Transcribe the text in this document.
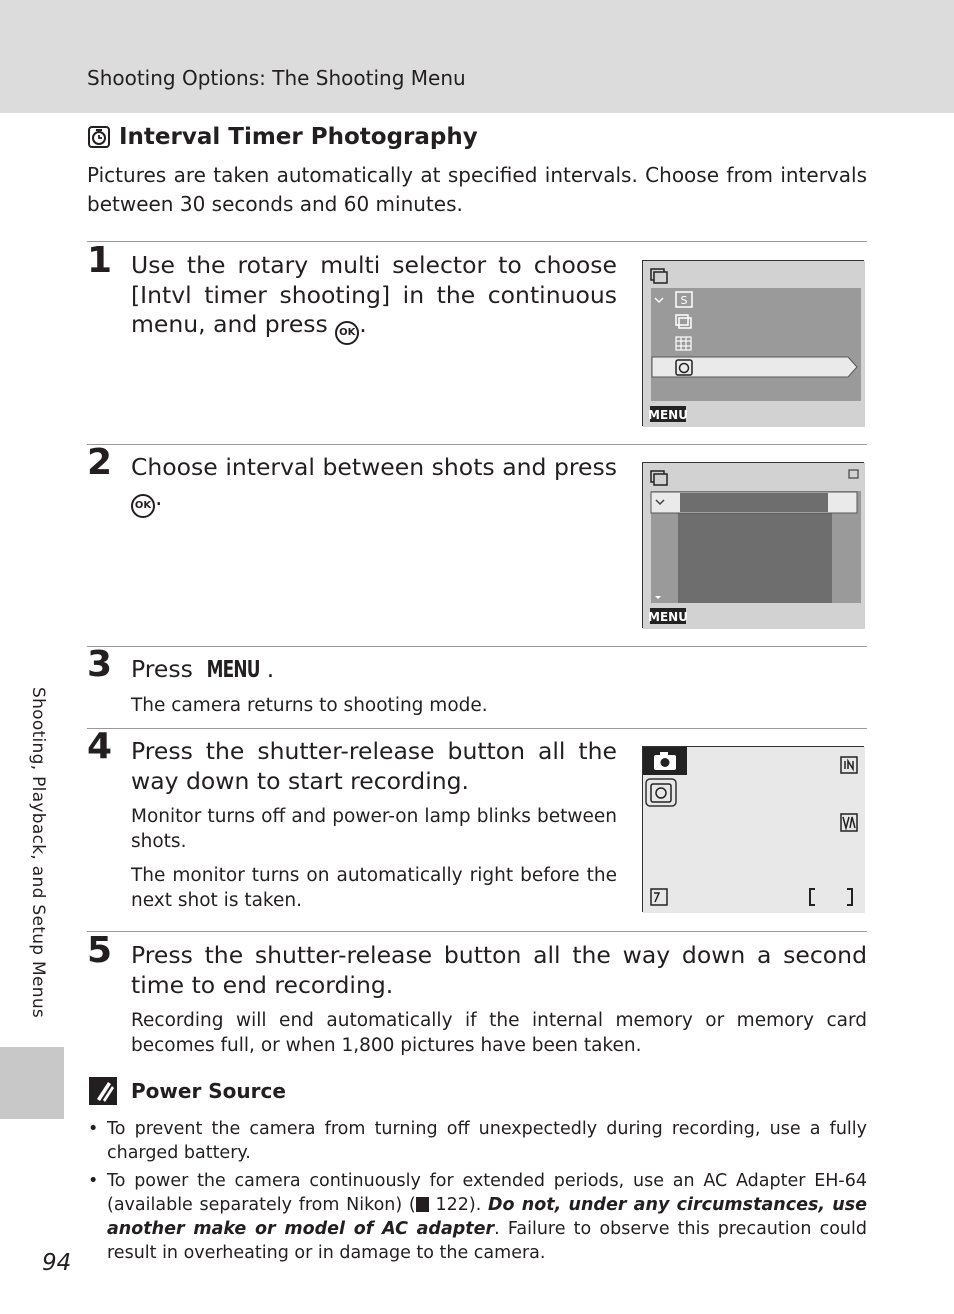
Shooting Options: The Shooting Menu
Interval Timer Photography
Pictures are taken automatically at specified intervals. Choose from intervals between 30 seconds and 60 minutes.
1 Use the rotary multi selector to choose [Intvl timer shooting] in the continuous menu, and press OK .
S
MENU
2 Choose interval between shots and press OK .
MENU
3 Press MENU .
The camera returns to shooting mode.
4 Press the shutter-release button all the way down to start recording.
Monitor turns off and power-on lamp blinks between shots.
The monitor turns on automatically right before the next shot is taken.
5 Press the shutter-release button all the way down a second time to end recording.
Recording will end automatically if the internal memory or memory card becomes full, or when 1,800 pictures have been taken.
Power Source
• To prevent the camera from turning off unexpectedly during recording, use a fully charged battery.
• To power the camera continuously for extended periods, use an AC Adapter EH-64 (available separately from Nikon) ( 122). Do not, under any circumstances, use another make or model of AC adapter. Failure to observe this precaution could result in overheating or in damage to the camera.
Shooting, Playback, and Setup Menus
94
